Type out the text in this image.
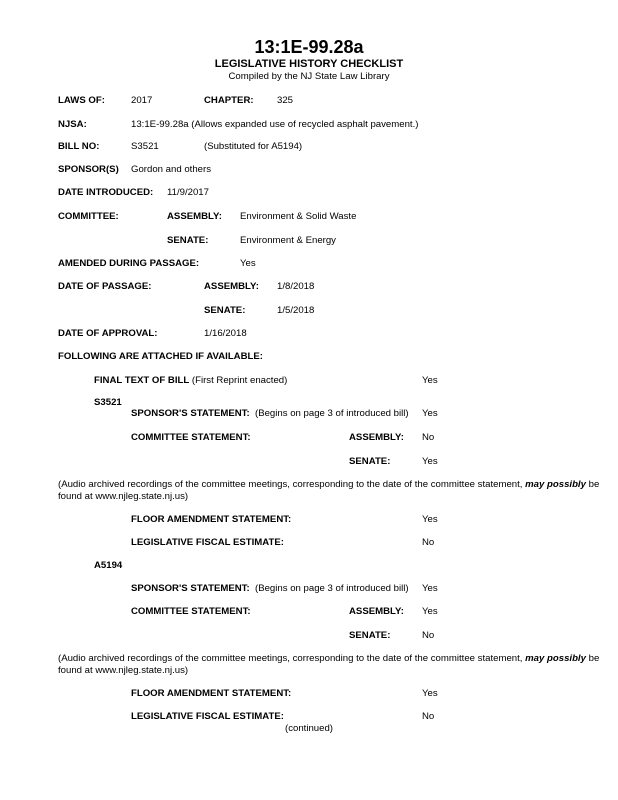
13:1E-99.28a
LEGISLATIVE HISTORY CHECKLIST
Compiled by the NJ State Law Library
LAWS OF:	2017	CHAPTER: 325
NJSA:	13:1E-99.28a (Allows expanded use of recycled asphalt pavement.)
BILL NO:	S3521	(Substituted for A5194)
SPONSOR(S) Gordon and others
DATE INTRODUCED: 11/9/2017
COMMITTEE:	ASSEMBLY: Environment & Solid Waste
SENATE:	Environment & Energy
AMENDED DURING PASSAGE:	Yes
DATE OF PASSAGE:	ASSEMBLY: 1/8/2018
SENATE:	1/5/2018
DATE OF APPROVAL:	1/16/2018
FOLLOWING ARE ATTACHED IF AVAILABLE:
FINAL TEXT OF BILL (First Reprint enacted)	Yes
S3521
SPONSOR'S STATEMENT: (Begins on page 3 of introduced bill) Yes
COMMITTEE STATEMENT:	ASSEMBLY: No
SENATE:	Yes
(Audio archived recordings of the committee meetings, corresponding to the date of the committee statement, may possibly be found at www.njleg.state.nj.us)
FLOOR AMENDMENT STATEMENT:	Yes
LEGISLATIVE FISCAL ESTIMATE:	No
A5194
SPONSOR'S STATEMENT: (Begins on page 3 of introduced bill) Yes
COMMITTEE STATEMENT:	ASSEMBLY: Yes
SENATE:	No
(Audio archived recordings of the committee meetings, corresponding to the date of the committee statement, may possibly be found at www.njleg.state.nj.us)
FLOOR AMENDMENT STATEMENT:	Yes
LEGISLATIVE FISCAL ESTIMATE:	No
(continued)
